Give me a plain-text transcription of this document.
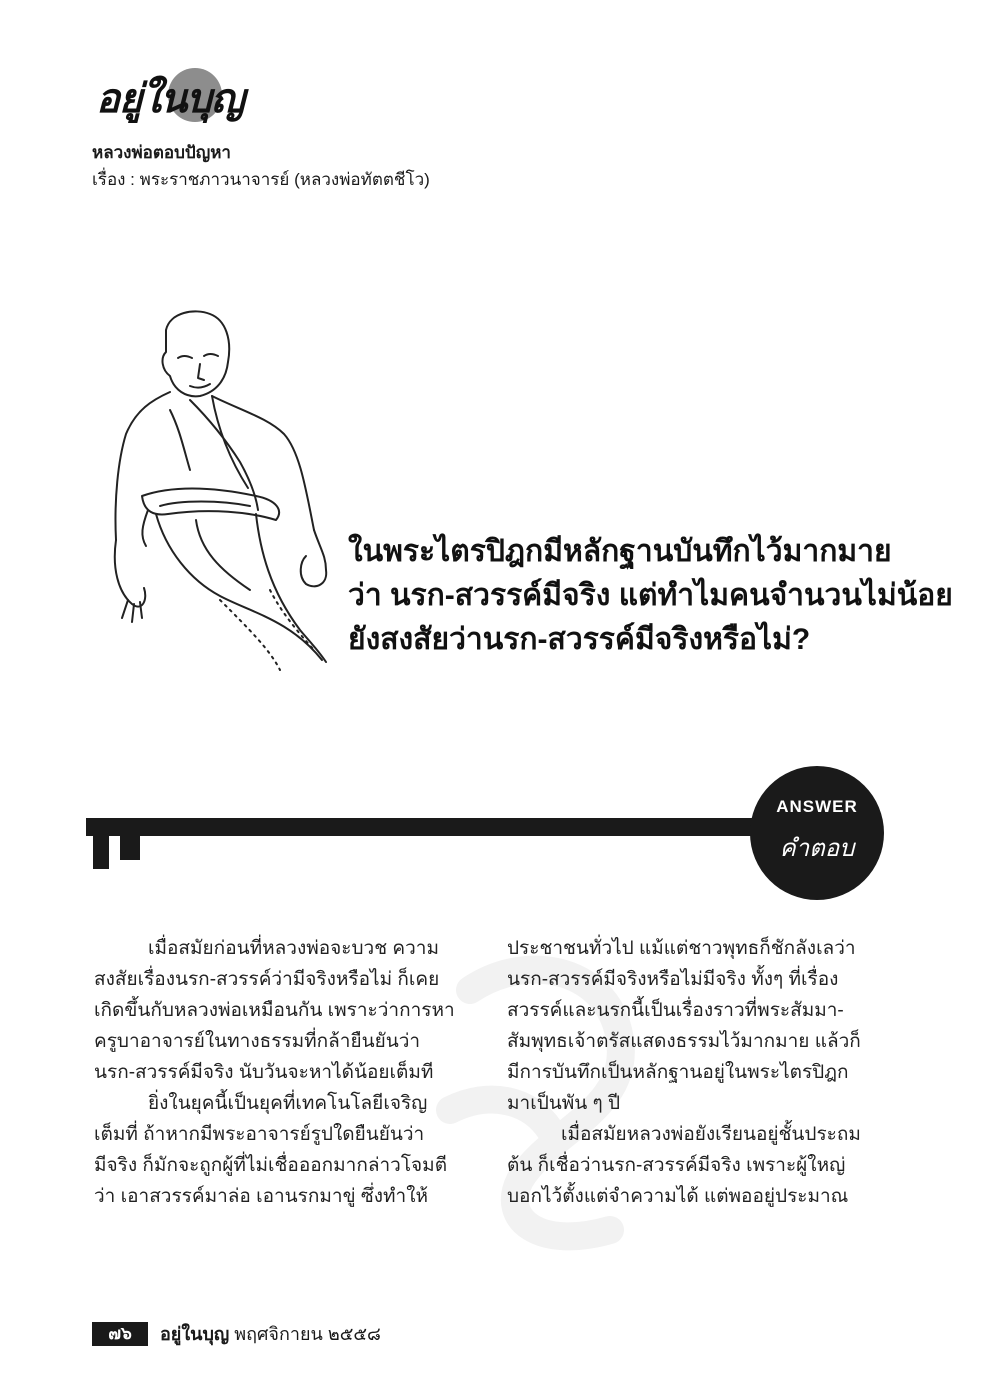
อยู่ในบุญ
หลวงพ่อตอบปัญหา
เรื่อง : พระราชภาวนาจารย์ (หลวงพ่อทัตตชีโว)
ในพระไตรปิฎกมีหลักฐานบันทึกไว้มากมาย
ว่า นรก-สวรรค์มีจริง แต่ทำไมคนจำนวนไม่น้อย
ยังสงสัยว่านรก-สวรรค์มีจริงหรือไม่?
ANSWER
คำตอบ
เมื่อสมัยก่อนที่หลวงพ่อจะบวช ความ
สงสัยเรื่องนรก-สวรรค์ว่ามีจริงหรือไม่ ก็เคย
เกิดขึ้นกับหลวงพ่อเหมือนกัน เพราะว่าการหา
ครูบาอาจารย์ในทางธรรมที่กล้ายืนยันว่า
นรก-สวรรค์มีจริง นับวันจะหาได้น้อยเต็มที
ยิ่งในยุคนี้เป็นยุคที่เทคโนโลยีเจริญ
เต็มที่ ถ้าหากมีพระอาจารย์รูปใดยืนยันว่า
มีจริง ก็มักจะถูกผู้ที่ไม่เชื่อออกมากล่าวโจมตี
ว่า เอาสวรรค์มาล่อ เอานรกมาขู่ ซึ่งทำให้
ประชาชนทั่วไป แม้แต่ชาวพุทธก็ชักลังเลว่า
นรก-สวรรค์มีจริงหรือไม่มีจริง ทั้งๆ ที่เรื่อง
สวรรค์และนรกนี้เป็นเรื่องราวที่พระสัมมา-
สัมพุทธเจ้าตรัสแสดงธรรมไว้มากมาย แล้วก็
มีการบันทึกเป็นหลักฐานอยู่ในพระไตรปิฎก
มาเป็นพัน ๆ ปี
เมื่อสมัยหลวงพ่อยังเรียนอยู่ชั้นประถม
ต้น ก็เชื่อว่านรก-สวรรค์มีจริง เพราะผู้ใหญ่
บอกไว้ตั้งแต่จำความได้ แต่พออยู่ประมาณ
๗๖	อยู่ในบุญ พฤศจิกายน ๒๕๕๘
